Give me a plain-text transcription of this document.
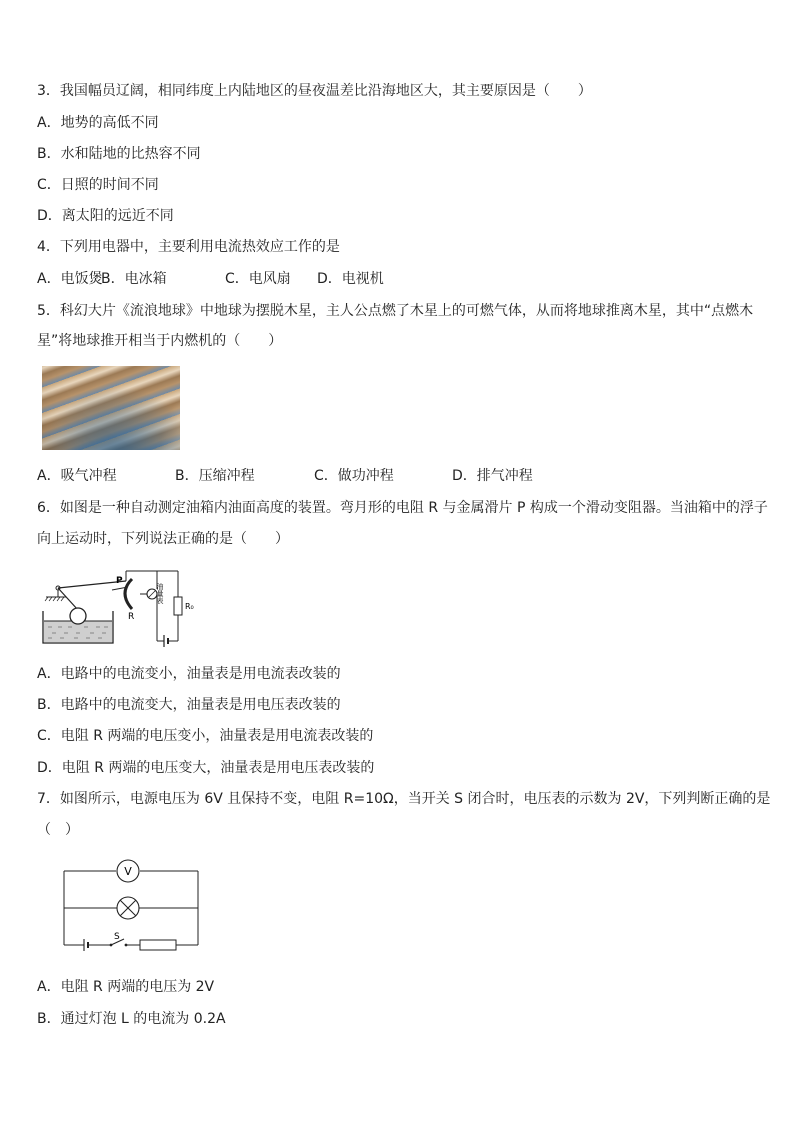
3．我国幅员辽阔，相同纬度上内陆地区的昼夜温差比沿海地区大，其主要原因是（　　）
A．地势的高低不同
B．水和陆地的比热容不同
C．日照的时间不同
D．离太阳的远近不同
4．下列用电器中，主要利用电流热效应工作的是
A．电饭煲
B．电冰箱	C．电风扇 D．电视机
5．科幻大片《流浪地球》中地球为摆脱木星，主人公点燃了木星上的可燃气体，从而将地球推离木星，其中“点燃木
星”将地球推开相当于内燃机的（　　）
A．吸气冲程	B．压缩冲程	C．做功冲程	D．排气冲程
6．如图是一种自动测定油箱内油面高度的装置。弯月形的电阻 R 与金属滑片 P 构成一个滑动变阻器。当油箱中的浮子
向上运动时，下列说法正确的是（　　）
P
R
油量表
R₀
A．电路中的电流变小，油量表是用电流表改装的
B．电路中的电流变大，油量表是用电压表改装的
C．电阻 R 两端的电压变小，油量表是用电流表改装的
D．电阻 R 两端的电压变大，油量表是用电压表改装的
7．如图所示，电源电压为 6V 且保持不变，电阻 R=10Ω，当开关 S 闭合时，电压表的示数为 2V，下列判断正确的是
（　）
V
S
A．电阻 R 两端的电压为 2V
B．通过灯泡 L 的电流为 0.2A
